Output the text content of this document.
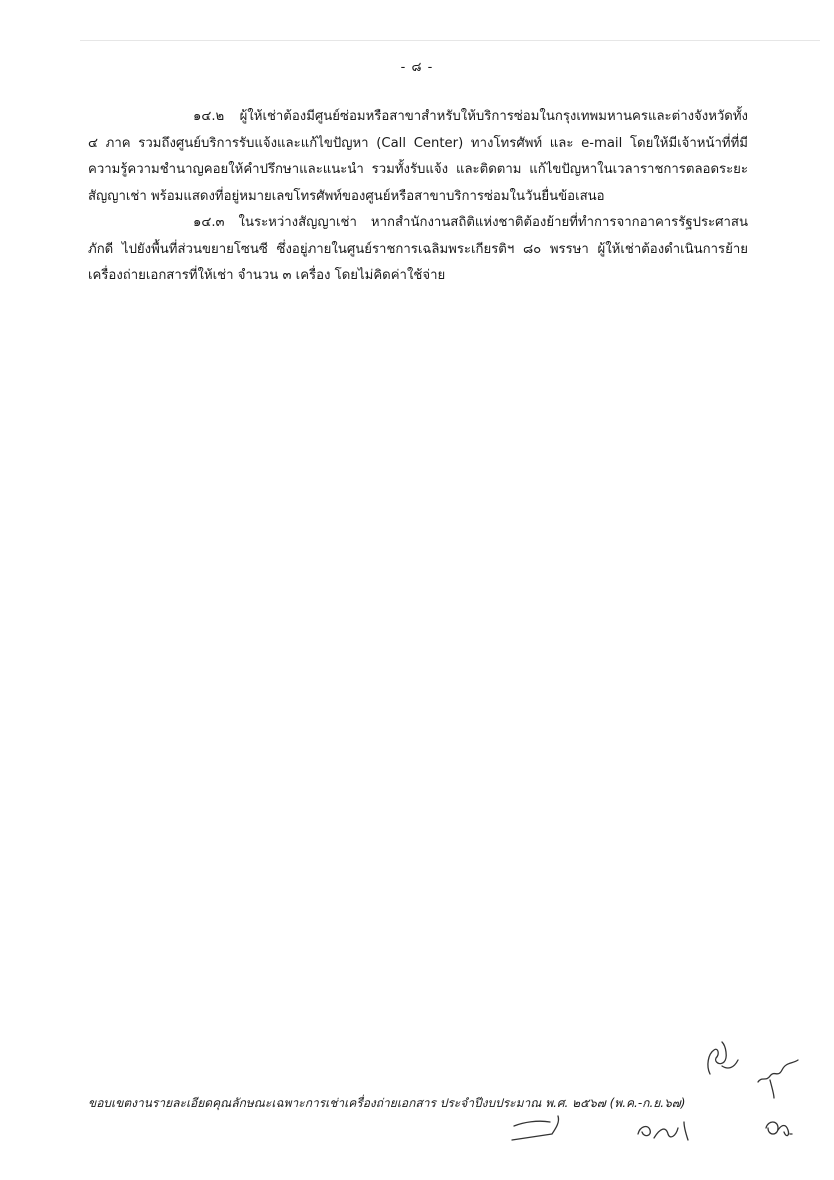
- ๘ -

๑๔.๒ ผู้ให้เช่าต้องมีศูนย์ซ่อมหรือสาขาสำหรับให้บริการซ่อมในกรุงเทพมหานครและต่างจังหวัดทั้ง ๔ ภาค รวมถึงศูนย์บริการรับแจ้งและแก้ไขปัญหา (Call Center) ทางโทรศัพท์ และ e-mail โดยให้มีเจ้าหน้าที่ที่มีความรู้ความชำนาญคอยให้คำปรึกษาและแนะนำ รวมทั้งรับแจ้ง และติดตาม แก้ไขปัญหาในเวลาราชการตลอดระยะสัญญาเช่า พร้อมแสดงที่อยู่หมายเลขโทรศัพท์ของศูนย์หรือสาขาบริการซ่อมในวันยื่นข้อเสนอ

๑๔.๓ ในระหว่างสัญญาเช่า หากสำนักงานสถิติแห่งชาติต้องย้ายที่ทำการจากอาคารรัฐประศาสนภักดี ไปยังพื้นที่ส่วนขยายโซนซี ซึ่งอยู่ภายในศูนย์ราชการเฉลิมพระเกียรติฯ ๘๐ พรรษา ผู้ให้เช่าต้องดำเนินการย้ายเครื่องถ่ายเอกสารที่ให้เช่า จำนวน ๓ เครื่อง โดยไม่คิดค่าใช้จ่าย

ขอบเขตงานรายละเอียดคุณลักษณะเฉพาะการเช่าเครื่องถ่ายเอกสาร ประจำปีงบประมาณ พ.ศ. ๒๕๖๗ (พ.ค.-ก.ย.๖๗)
